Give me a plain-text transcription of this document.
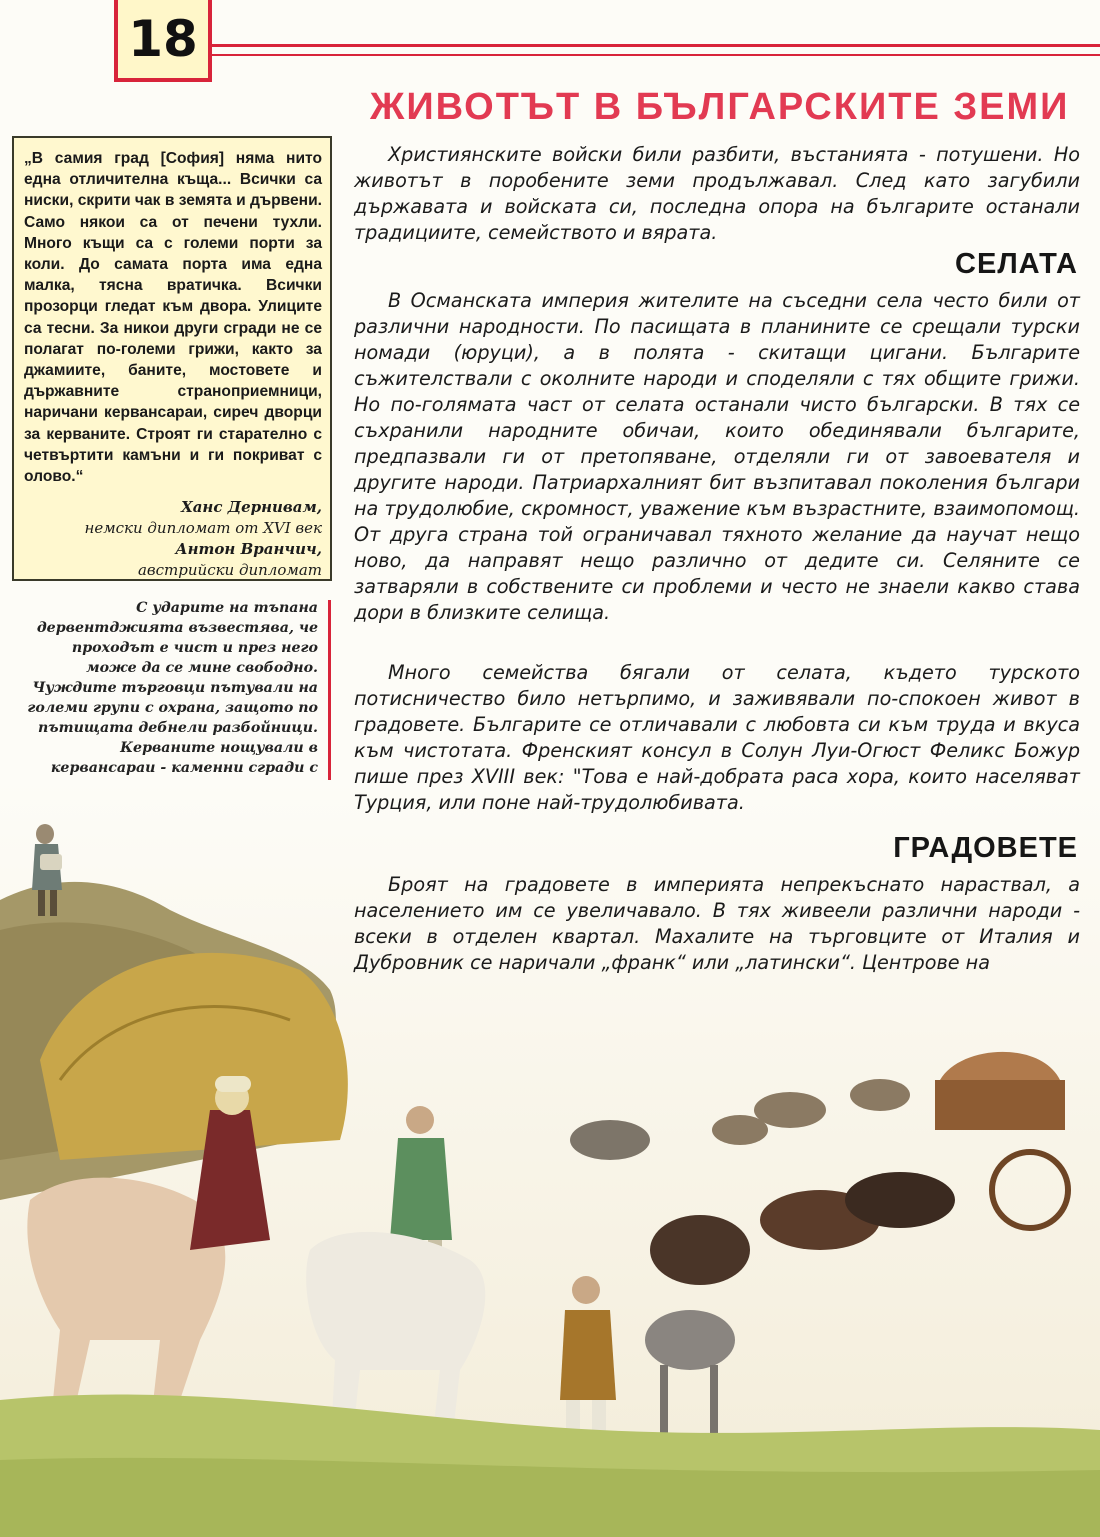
18
ЖИВОТЪТ В БЪЛГАРСКИТЕ ЗЕМИ

„В самия град [София] няма нито една отличителна къща... Всички са ниски, скрити чак в земята и дървени. Само някои са от печени тухли. Много къщи са с големи порти за коли. До самата порта има една малка, тясна вратичка. Всички прозорци гледат към двора. Улиците са тесни. За никои други сгради не се полагат по-големи грижи, както за джамиите, баните, мостовете и държавните страноприемници, наричани кервансараи, сиреч дворци за керваните. Строят ги старателно с четвъртити камъни и ги покриват с олово.“

Ханс Дернивам,
немски дипломат от XVI век
Антон Вранчич,
австрийски дипломат

С ударите на тъпана дервентджията възвестява, че проходът е чист и през него може да се мине свободно. Чуждите търговци пътували на големи групи с охрана, защото по пътищата дебнели разбойници. Керваните нощували в кервансараи - каменни сгради с

Християнските войски били разбити, въстанията - потушени. Но животът в поробените земи продължавал. След като загубили държавата и войската си, последна опора на българите останали традициите, семейството и вярата.

СЕЛАТА

В Османската империя жителите на съседни села често били от различни народности. По пасищата в планините се срещали турски номади (юруци), а в полята - скитащи цигани. Българите съжителствали с околните народи и споделяли с тях общите грижи. Но по-голямата част от селата останали чисто български. В тях се съхранили народните обичаи, които обединявали българите, предпазвали ги от претопяване, отделяли ги от завоевателя и другите народи. Патриархалният бит възпитавал поколения българи на трудолюбие, скромност, уважение към възрастните, взаимопомощ. От друга страна той ограничавал тяхното желание да научат нещо ново, да направят нещо различно от дедите си. Селяните се затваряли в собствените си проблеми и често не знаели какво става дори в близките селища.

Много семейства бягали от селата, където турското потисничество било нетърпимо, и заживявали по-спокоен живот в градовете. Българите се отличавали с любовта си към труда и вкуса към чистотата. Френският консул в Солун Луи-Огюст Феликс Божур пише през XVIII век: "Това е най-добрата раса хора, които населяват Турция, или поне най-трудолюбивата.

ГРАДОВЕТЕ

Броят на градовете в империята непрекъснато нараствал, а населението им се увеличавало. В тях живеели различни народи - всеки в отделен квартал. Махалите на търговците от Италия и Дубровник се наричали „франк“ или „латински“. Центрове на
